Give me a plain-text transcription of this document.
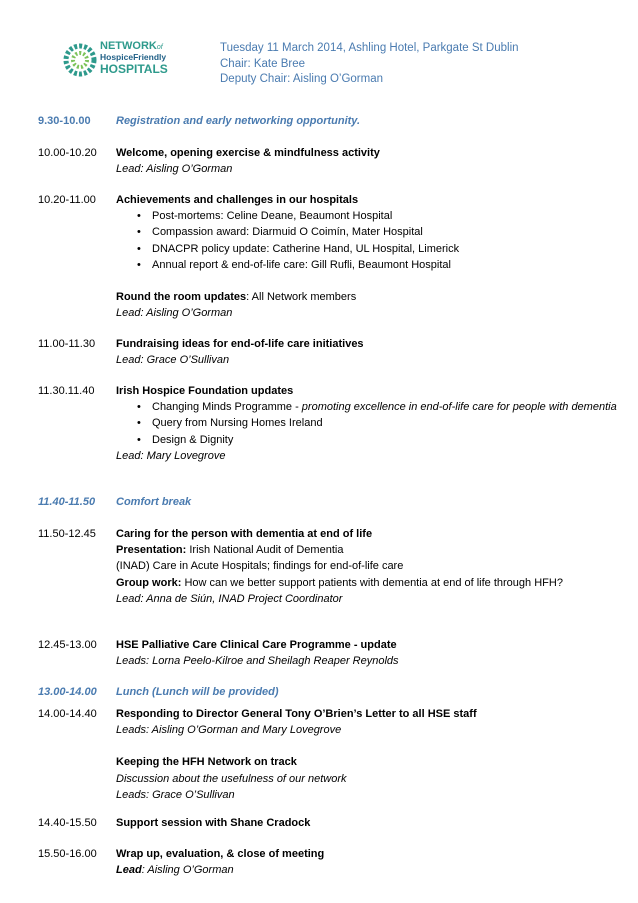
NETWORKof
HospiceFriendly
HOSPITALS
Tuesday 11 March 2014, Ashling Hotel, Parkgate St Dublin
Chair: Kate Bree
Deputy Chair: Aisling O’Gorman
9.30-10.00	Registration and early networking opportunity.
10.00-10.20	Welcome, opening exercise & mindfulness activity
Lead: Aisling O’Gorman
10.20-11.00	Achievements and challenges in our hospitals
• Post-mortems: Celine Deane, Beaumont Hospital
• Compassion award: Diarmuid O Coimín, Mater Hospital
• DNACPR policy update: Catherine Hand, UL Hospital, Limerick
• Annual report & end-of-life care: Gill Rufli, Beaumont Hospital
Round the room updates: All Network members
Lead: Aisling O’Gorman
11.00-11.30	Fundraising ideas for end-of-life care initiatives
Lead: Grace O’Sullivan
11.30.11.40	Irish Hospice Foundation updates
• Changing Minds Programme - promoting excellence in end-of-life care for people with dementia
• Query from Nursing Homes Ireland
• Design & Dignity
Lead: Mary Lovegrove
11.40-11.50	Comfort break
11.50-12.45	Caring for the person with dementia at end of life
Presentation: Irish National Audit of Dementia
(INAD) Care in Acute Hospitals; findings for end-of-life care
Group work: How can we better support patients with dementia at end of life through HFH?
Lead: Anna de Siún, INAD Project Coordinator
12.45-13.00	HSE Palliative Care Clinical Care Programme - update
Leads: Lorna Peelo-Kilroe and Sheilagh Reaper Reynolds
13.00-14.00	Lunch (Lunch will be provided)
14.00-14.40	Responding to Director General Tony O’Brien’s Letter to all HSE staff
Leads: Aisling O’Gorman and Mary Lovegrove
Keeping the HFH Network on track
Discussion about the usefulness of our network
Leads: Grace O’Sullivan
14.40-15.50	Support session with Shane Cradock
15.50-16.00	Wrap up, evaluation, & close of meeting
Lead: Aisling O’Gorman
